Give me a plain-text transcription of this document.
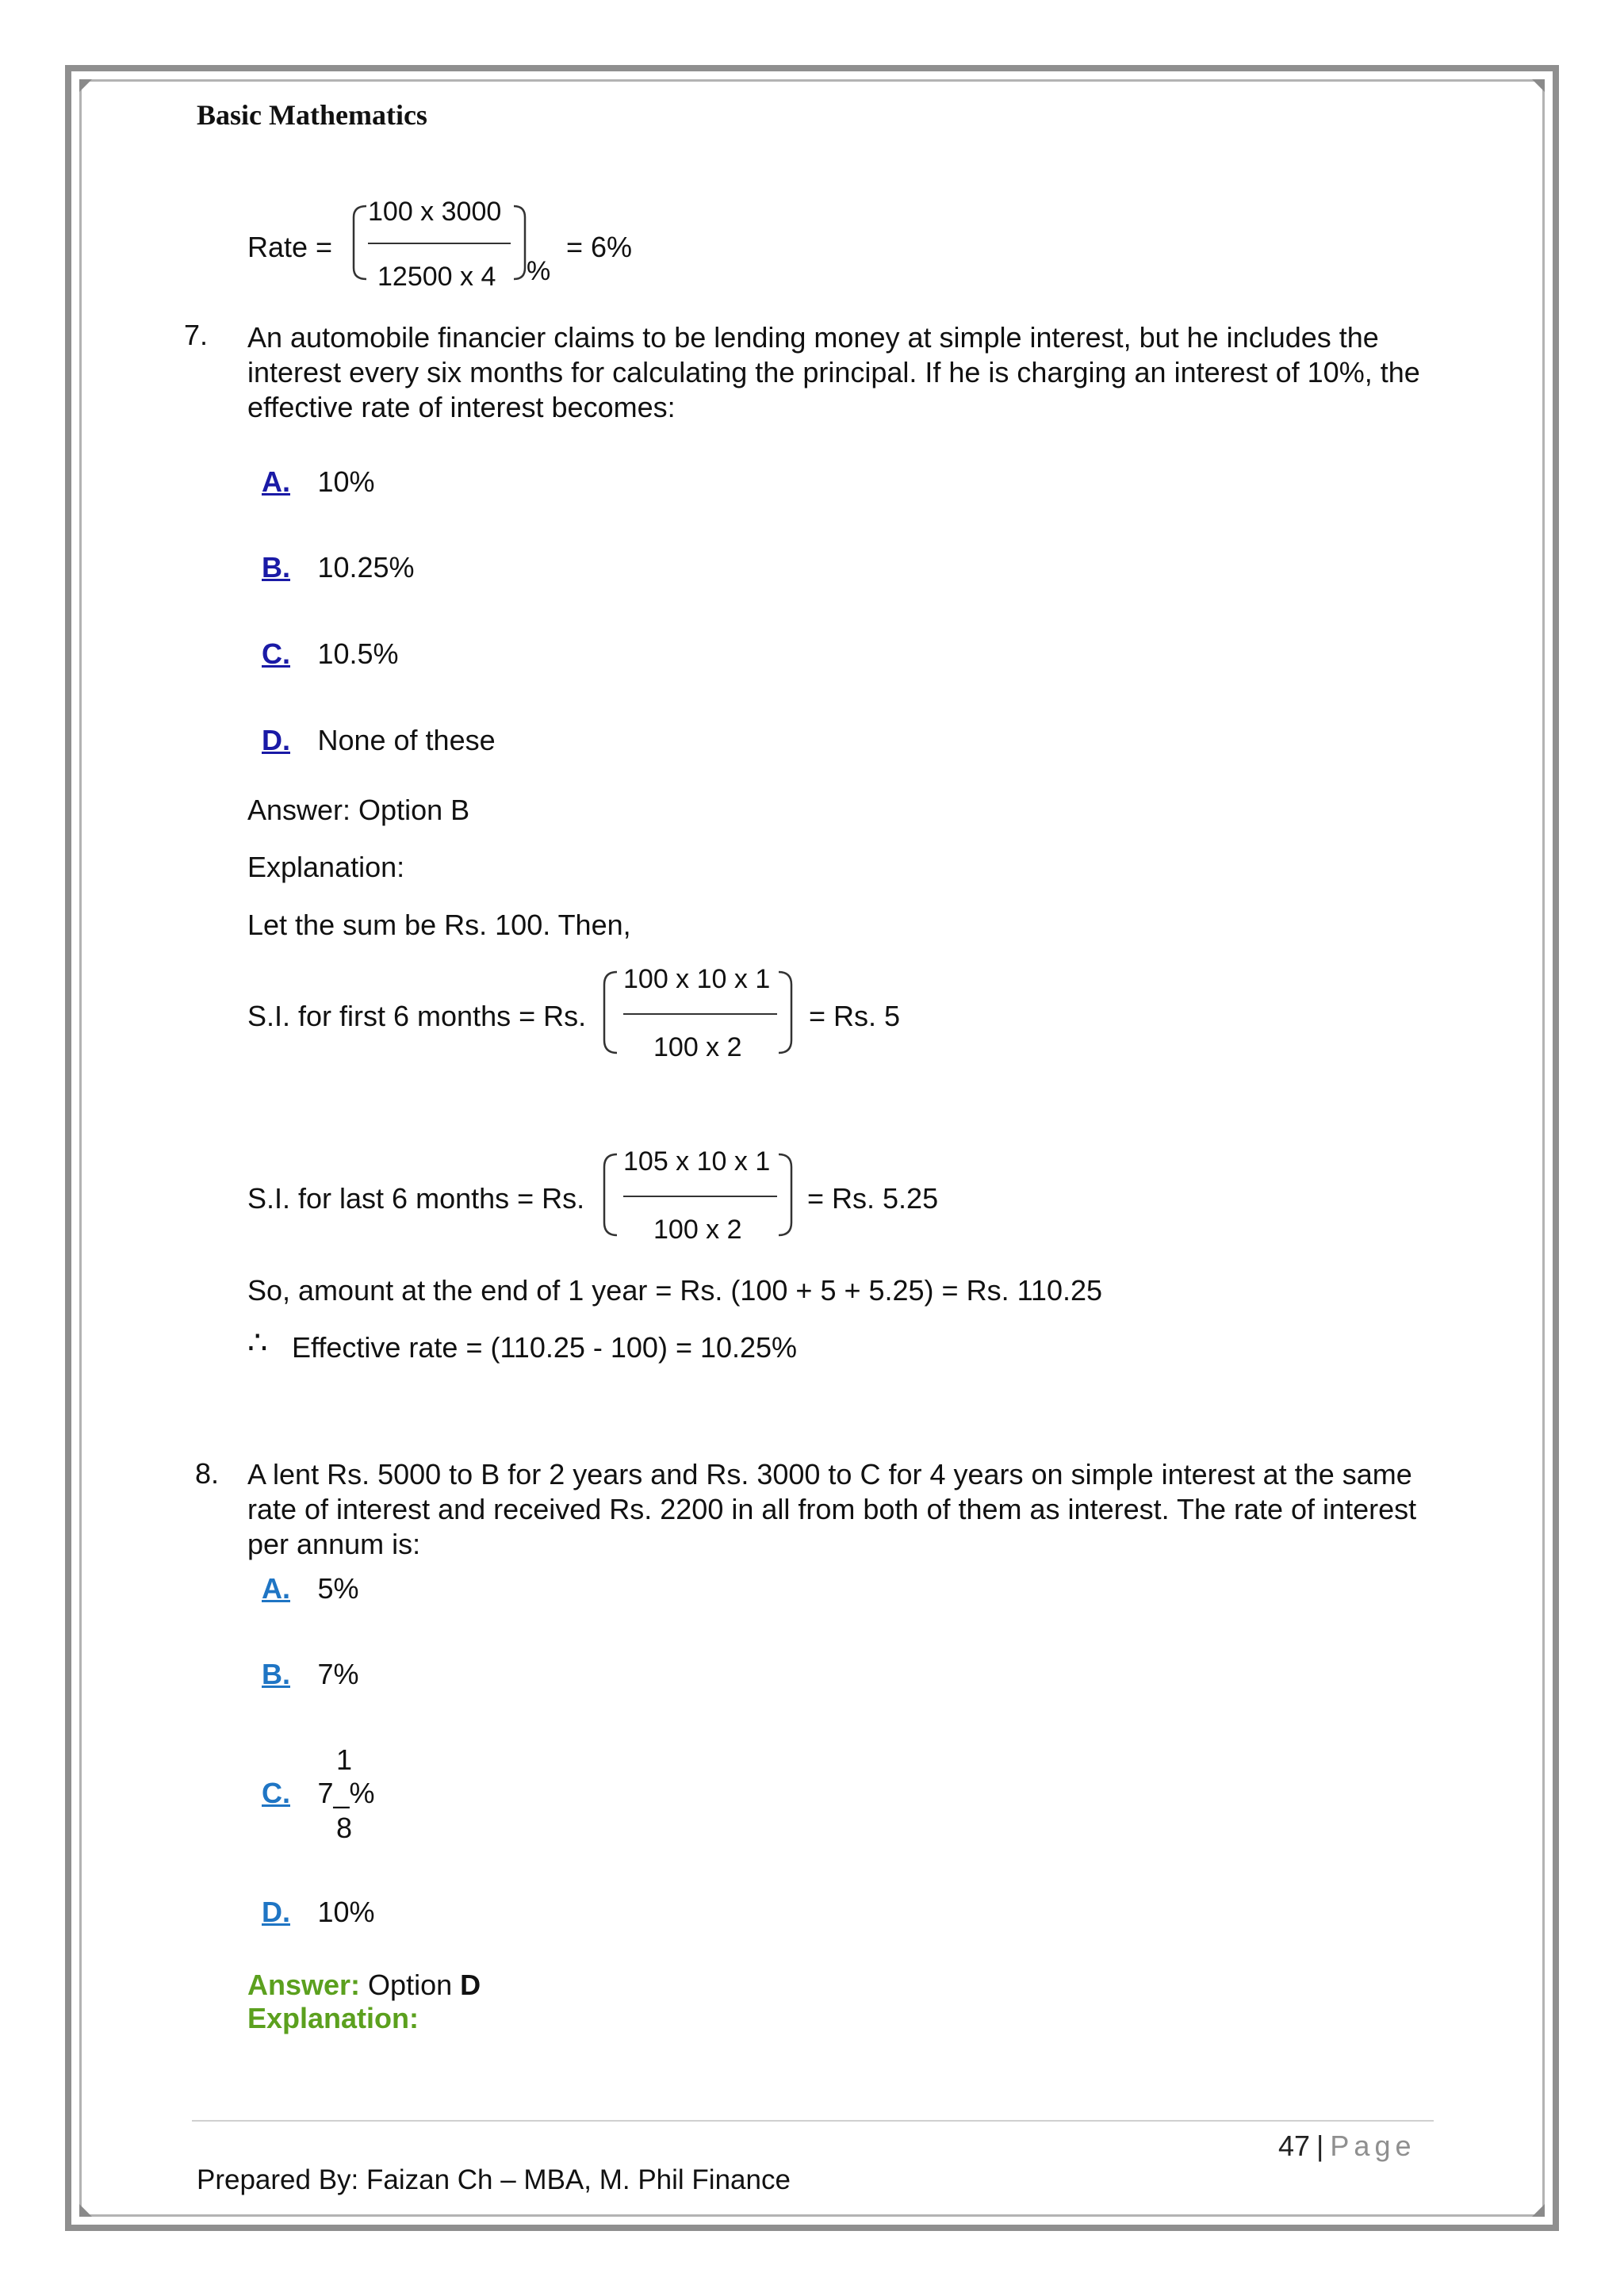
Basic Mathematics
Rate =
100 x 3000
12500 x 4 %
= 6%
7. An automobile financier claims to be lending money at simple interest, but he includes the interest every six months for calculating the principal. If he is charging an interest of 10%, the effective rate of interest becomes:
A. 10%
B. 10.25%
C. 10.5%
D. None of these
Answer: Option B
Explanation:
Let the sum be Rs. 100. Then,
S.I. for first 6 months = Rs.
100 x 10 x 1
100 x 2
= Rs. 5
S.I. for last 6 months = Rs.
105 x 10 x 1
100 x 2
= Rs. 5.25
So, amount at the end of 1 year = Rs. (100 + 5 + 5.25) = Rs. 110.25
∴ Effective rate = (110.25 - 100) = 10.25%
8. A lent Rs. 5000 to B for 2 years and Rs. 3000 to C for 4 years on simple interest at the same rate of interest and received Rs. 2200 in all from both of them as interest. The rate of interest per annum is:
A. 5%
B. 7%
1
C. 7_%
8
D. 10%
Answer: Option D
Explanation:
47 | Page
Prepared By: Faizan Ch – MBA, M. Phil Finance
